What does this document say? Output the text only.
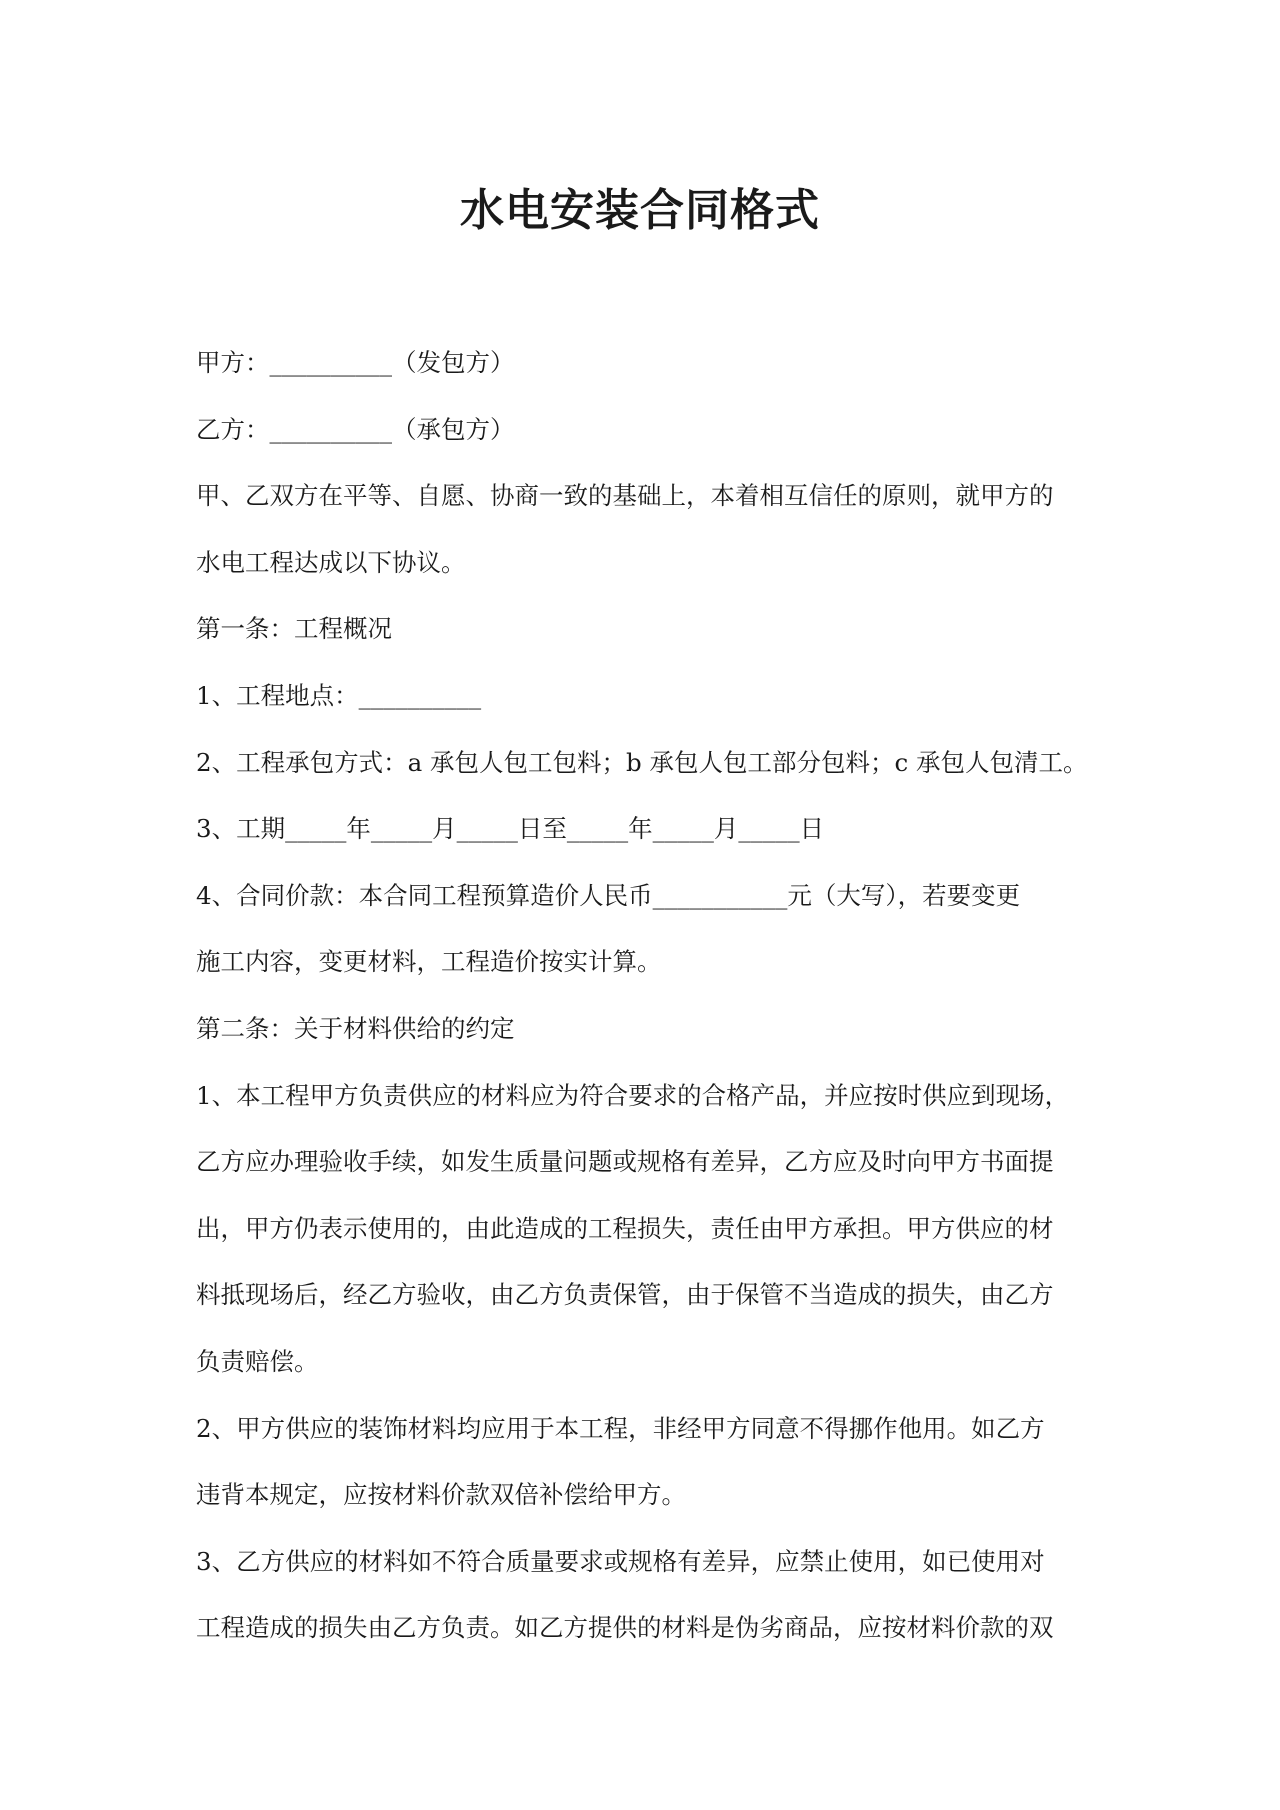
水电安装合同格式

甲方：__________（发包方）

乙方：__________（承包方）

甲、乙双方在平等、自愿、协商一致的基础上，本着相互信任的原则，就甲方的

水电工程达成以下协议。

第一条：工程概况

1、工程地点：__________

2、工程承包方式：a 承包人包工包料；b 承包人包工部分包料；c 承包人包清工。

3、工期_____年_____月_____日至_____年_____月_____日

4、合同价款：本合同工程预算造价人民币___________元（大写），若要变更

施工内容，变更材料，工程造价按实计算。

第二条：关于材料供给的约定

1、本工程甲方负责供应的材料应为符合要求的合格产品，并应按时供应到现场，

乙方应办理验收手续，如发生质量问题或规格有差异，乙方应及时向甲方书面提

出，甲方仍表示使用的，由此造成的工程损失，责任由甲方承担。甲方供应的材

料抵现场后，经乙方验收，由乙方负责保管，由于保管不当造成的损失，由乙方

负责赔偿。

2、甲方供应的装饰材料均应用于本工程，非经甲方同意不得挪作他用。如乙方

违背本规定，应按材料价款双倍补偿给甲方。

3、乙方供应的材料如不符合质量要求或规格有差异，应禁止使用，如已使用对

工程造成的损失由乙方负责。如乙方提供的材料是伪劣商品，应按材料价款的双
